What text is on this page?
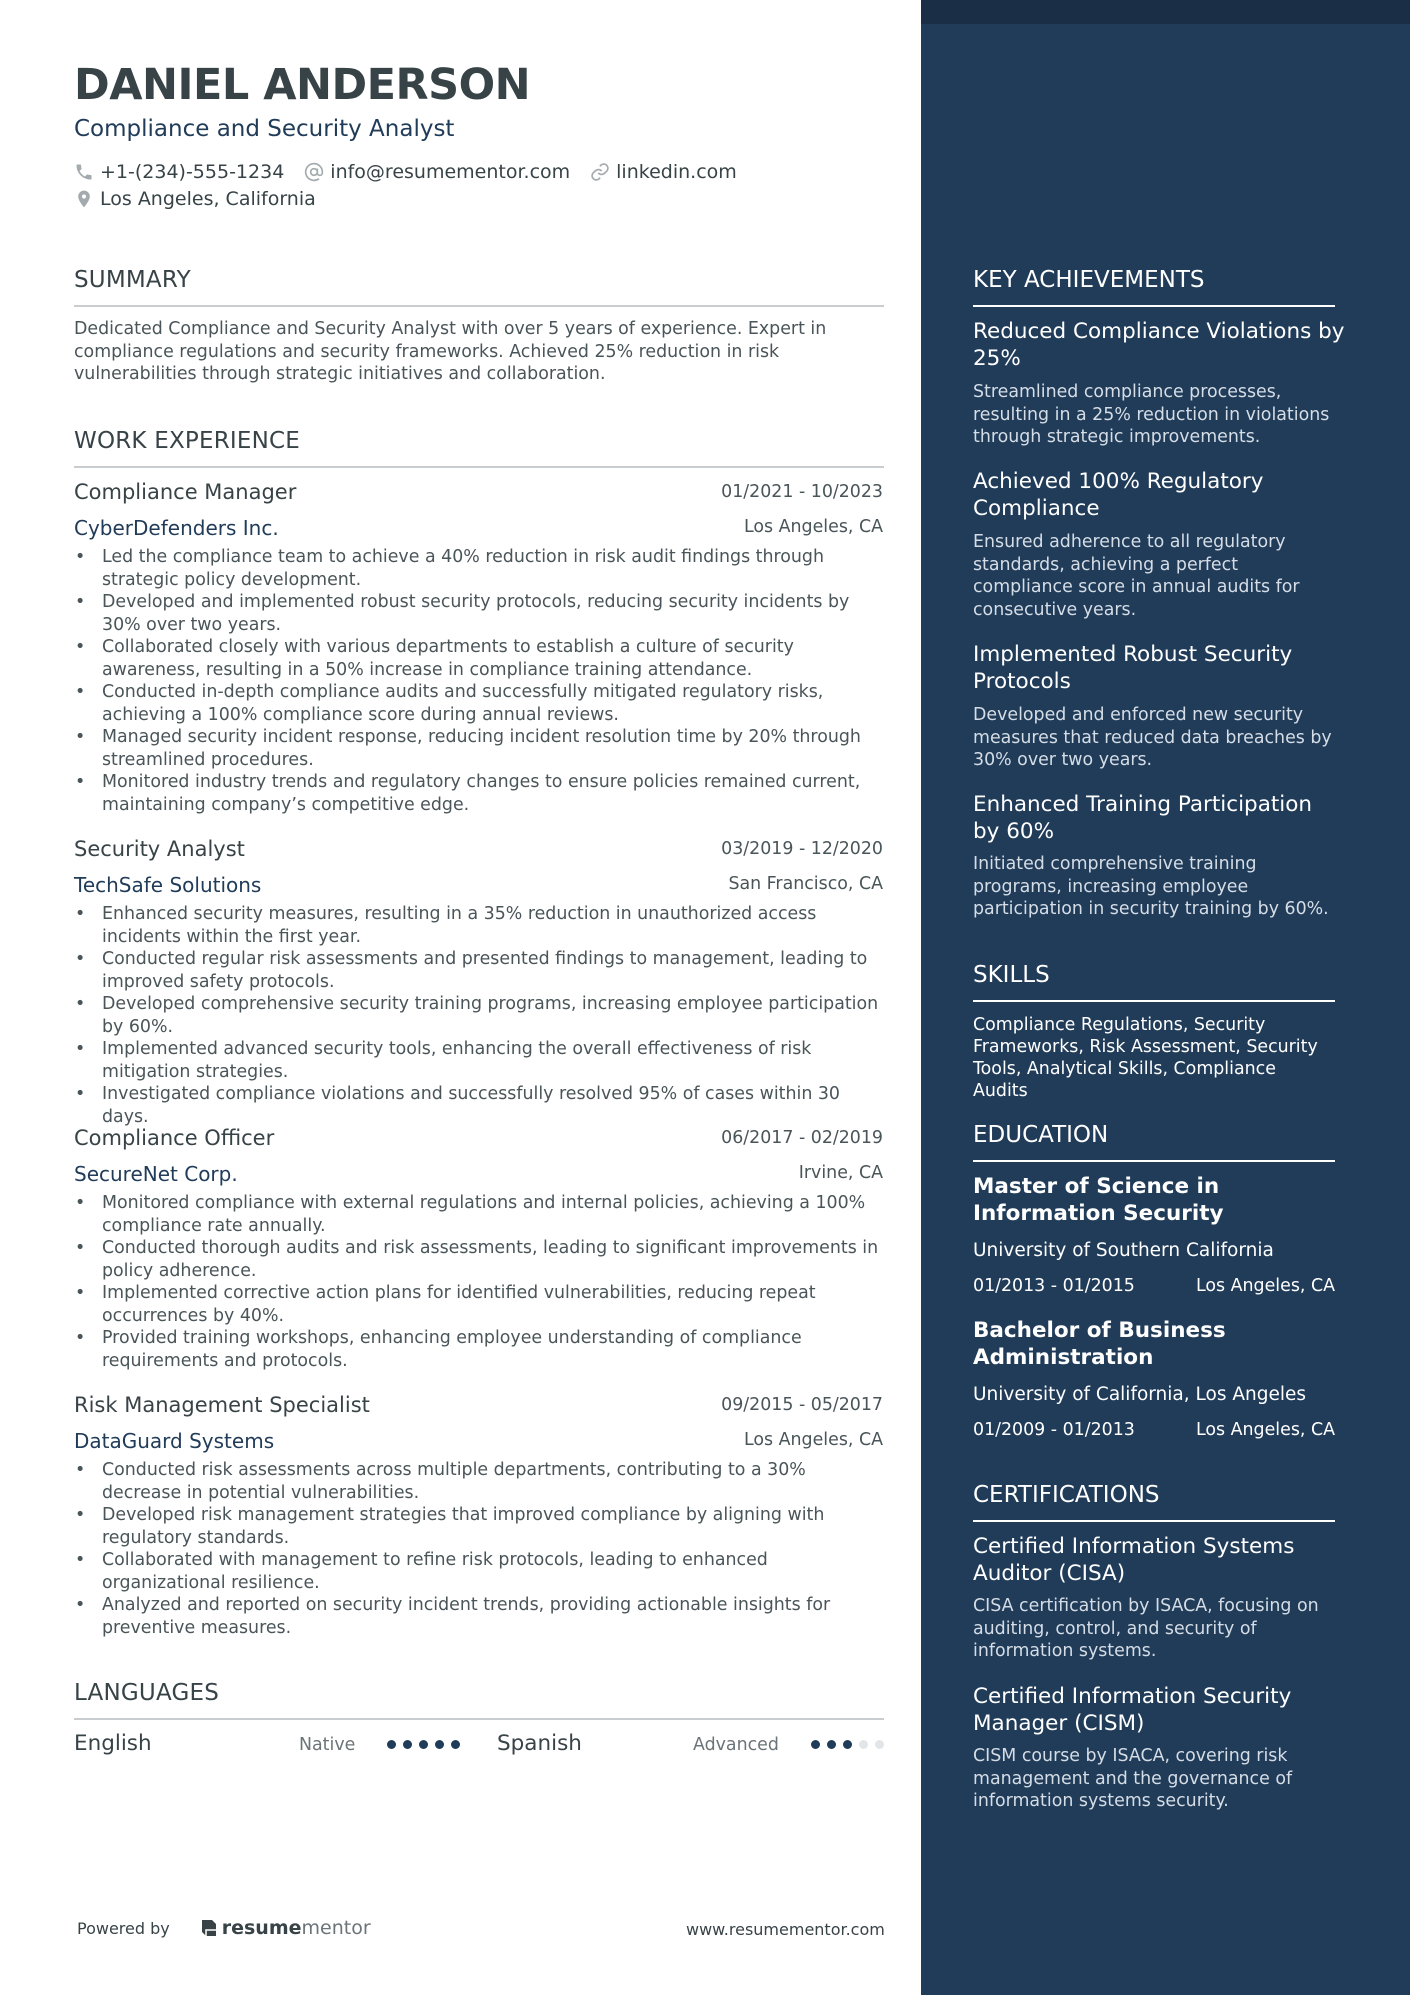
DANIEL ANDERSON
Compliance and Security Analyst
+1-(234)-555-1234 info@resumementor.com linkedin.com
Los Angeles, California
SUMMARY
Dedicated Compliance and Security Analyst with over 5 years of experience. Expert in compliance regulations and security frameworks. Achieved 25% reduction in risk vulnerabilities through strategic initiatives and collaboration.
WORK EXPERIENCE
Compliance Manager	01/2021 - 10/2023
CyberDefenders Inc.	Los Angeles, CA
• Led the compliance team to achieve a 40% reduction in risk audit findings through strategic policy development.
• Developed and implemented robust security protocols, reducing security incidents by 30% over two years.
• Collaborated closely with various departments to establish a culture of security awareness, resulting in a 50% increase in compliance training attendance.
• Conducted in-depth compliance audits and successfully mitigated regulatory risks, achieving a 100% compliance score during annual reviews.
• Managed security incident response, reducing incident resolution time by 20% through streamlined procedures.
• Monitored industry trends and regulatory changes to ensure policies remained current, maintaining company’s competitive edge.
Security Analyst	03/2019 - 12/2020
TechSafe Solutions	San Francisco, CA
• Enhanced security measures, resulting in a 35% reduction in unauthorized access incidents within the first year.
• Conducted regular risk assessments and presented findings to management, leading to improved safety protocols.
• Developed comprehensive security training programs, increasing employee participation by 60%.
• Implemented advanced security tools, enhancing the overall effectiveness of risk mitigation strategies.
• Investigated compliance violations and successfully resolved 95% of cases within 30 days.
Compliance Officer	06/2017 - 02/2019
SecureNet Corp.	Irvine, CA
• Monitored compliance with external regulations and internal policies, achieving a 100% compliance rate annually.
• Conducted thorough audits and risk assessments, leading to significant improvements in policy adherence.
• Implemented corrective action plans for identified vulnerabilities, reducing repeat occurrences by 40%.
• Provided training workshops, enhancing employee understanding of compliance requirements and protocols.
Risk Management Specialist	09/2015 - 05/2017
DataGuard Systems	Los Angeles, CA
• Conducted risk assessments across multiple departments, contributing to a 30% decrease in potential vulnerabilities.
• Developed risk management strategies that improved compliance by aligning with regulatory standards.
• Collaborated with management to refine risk protocols, leading to enhanced organizational resilience.
• Analyzed and reported on security incident trends, providing actionable insights for preventive measures.
LANGUAGES
English	Native	Spanish	Advanced
Powered by	resume mentor	www.resumementor.com
KEY ACHIEVEMENTS
Reduced Compliance Violations by 25%
Streamlined compliance processes, resulting in a 25% reduction in violations through strategic improvements.
Achieved 100% Regulatory Compliance
Ensured adherence to all regulatory standards, achieving a perfect compliance score in annual audits for consecutive years.
Implemented Robust Security Protocols
Developed and enforced new security measures that reduced data breaches by 30% over two years.
Enhanced Training Participation by 60%
Initiated comprehensive training programs, increasing employee participation in security training by 60%.
SKILLS
Compliance Regulations, Security Frameworks, Risk Assessment, Security Tools, Analytical Skills, Compliance Audits
EDUCATION
Master of Science in Information Security
University of Southern California
01/2013 - 01/2015	Los Angeles, CA
Bachelor of Business Administration
University of California, Los Angeles
01/2009 - 01/2013	Los Angeles, CA
CERTIFICATIONS
Certified Information Systems Auditor (CISA)
CISA certification by ISACA, focusing on auditing, control, and security of information systems.
Certified Information Security Manager (CISM)
CISM course by ISACA, covering risk management and the governance of information systems security.
